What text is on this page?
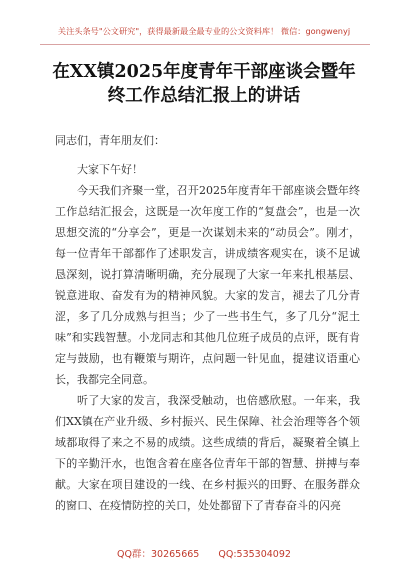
关注头条号"公文研究"，获得最新最全最专业的公文资料库！ 微信：gongwenyj
在XX镇2025年度青年干部座谈会暨年
终工作总结汇报上的讲话

同志们，青年朋友们：

大家下午好！

今天我们齐聚一堂，召开2025年度青年干部座谈会暨年终工作总结汇报会，这既是一次年度工作的“复盘会”，也是一次思想交流的“分享会”，更是一次谋划未来的“动员会”。刚才，每一位青年干部都作了述职发言，讲成绩客观实在，谈不足诚恳深刻，说打算清晰明确，充分展现了大家一年来扎根基层、锐意进取、奋发有为的精神风貌。大家的发言，褪去了几分青涩，多了几分成熟与担当；少了一些书生气，多了几分“泥土味”和实践智慧。小龙同志和其他几位班子成员的点评，既有肯定与鼓励，也有鞭策与期许，点问题一针见血，提建议语重心长，我都完全同意。

听了大家的发言，我深受触动，也倍感欣慰。一年来，我们XX镇在产业升级、乡村振兴、民生保障、社会治理等各个领域都取得了来之不易的成绩。这些成绩的背后，凝聚着全镇上下的辛勤汗水，也饱含着在座各位青年干部的智慧、拼搏与奉献。大家在项目建设的一线、在乡村振兴的田野、在服务群众的窗口、在疫情防控的关口，处处都留下了青春奋斗的闪亮

QQ群：30265665 QQ:535304092
